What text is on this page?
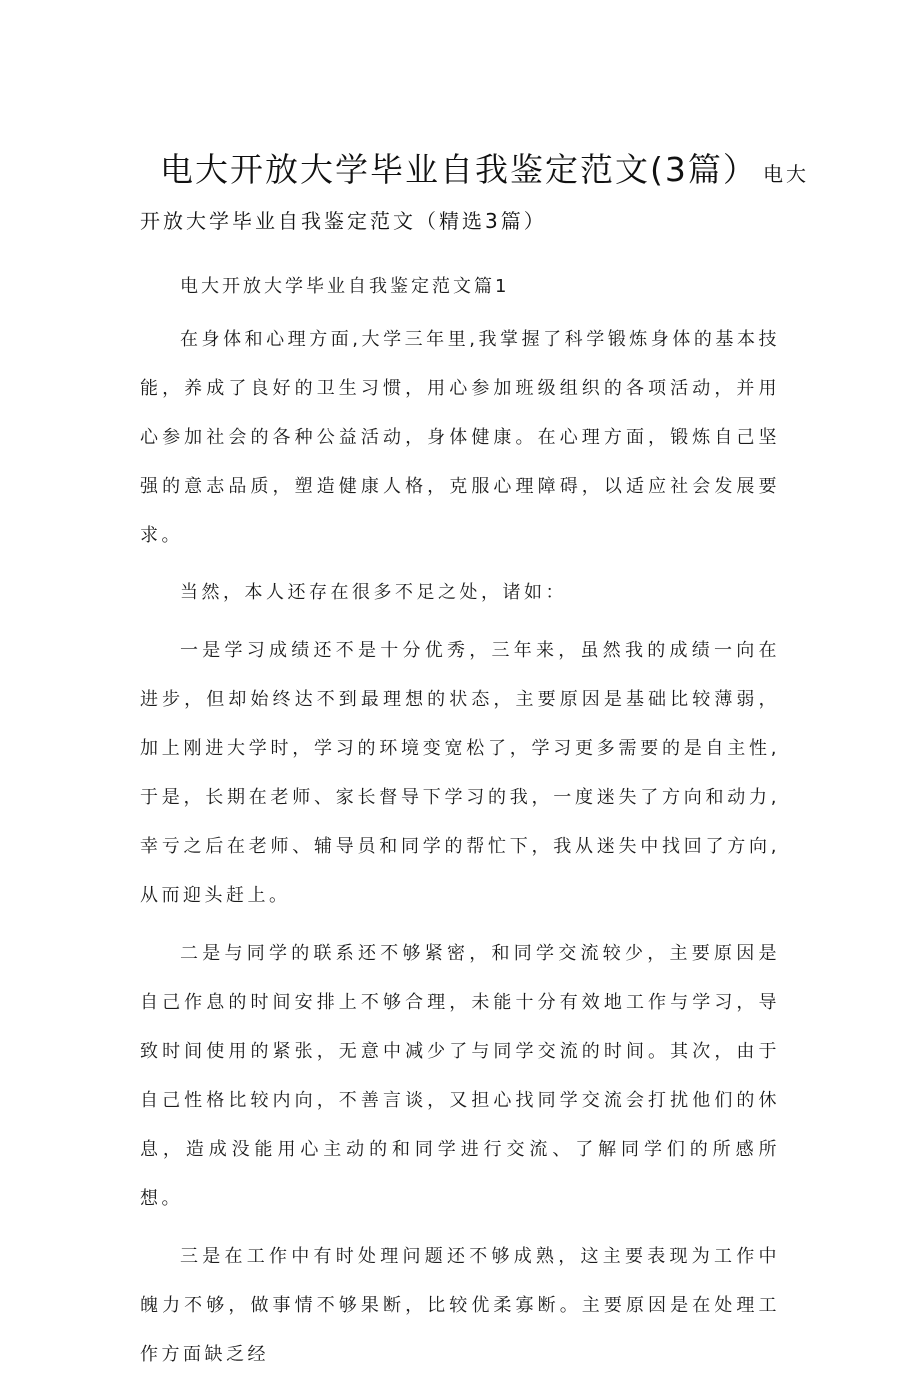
电大开放大学毕业自我鉴定范文(3篇） 电大
开放大学毕业自我鉴定范文（精选3篇）

电大开放大学毕业自我鉴定范文篇1

在身体和心理方面,大学三年里,我掌握了科学锻炼身体的基本技能，养成了良好的卫生习惯，用心参加班级组织的各项活动，并用心参加社会的各种公益活动，身体健康。在心理方面，锻炼自己坚强的意志品质，塑造健康人格，克服心理障碍，以适应社会发展要求。

当然，本人还存在很多不足之处，诸如：

一是学习成绩还不是十分优秀，三年来，虽然我的成绩一向在进步，但却始终达不到最理想的状态，主要原因是基础比较薄弱，加上刚进大学时，学习的环境变宽松了，学习更多需要的是自主性,于是，长期在老师、家长督导下学习的我，一度迷失了方向和动力,幸亏之后在老师、辅导员和同学的帮忙下，我从迷失中找回了方向,从而迎头赶上。

二是与同学的联系还不够紧密，和同学交流较少，主要原因是自己作息的时间安排上不够合理，未能十分有效地工作与学习，导致时间使用的紧张，无意中减少了与同学交流的时间。其次，由于自己性格比较内向，不善言谈，又担心找同学交流会打扰他们的休息，造成没能用心主动的和同学进行交流、了解同学们的所感所想。

三是在工作中有时处理问题还不够成熟，这主要表现为工作中魄力不够，做事情不够果断，比较优柔寡断。主要原因是在处理工作方面缺乏经
